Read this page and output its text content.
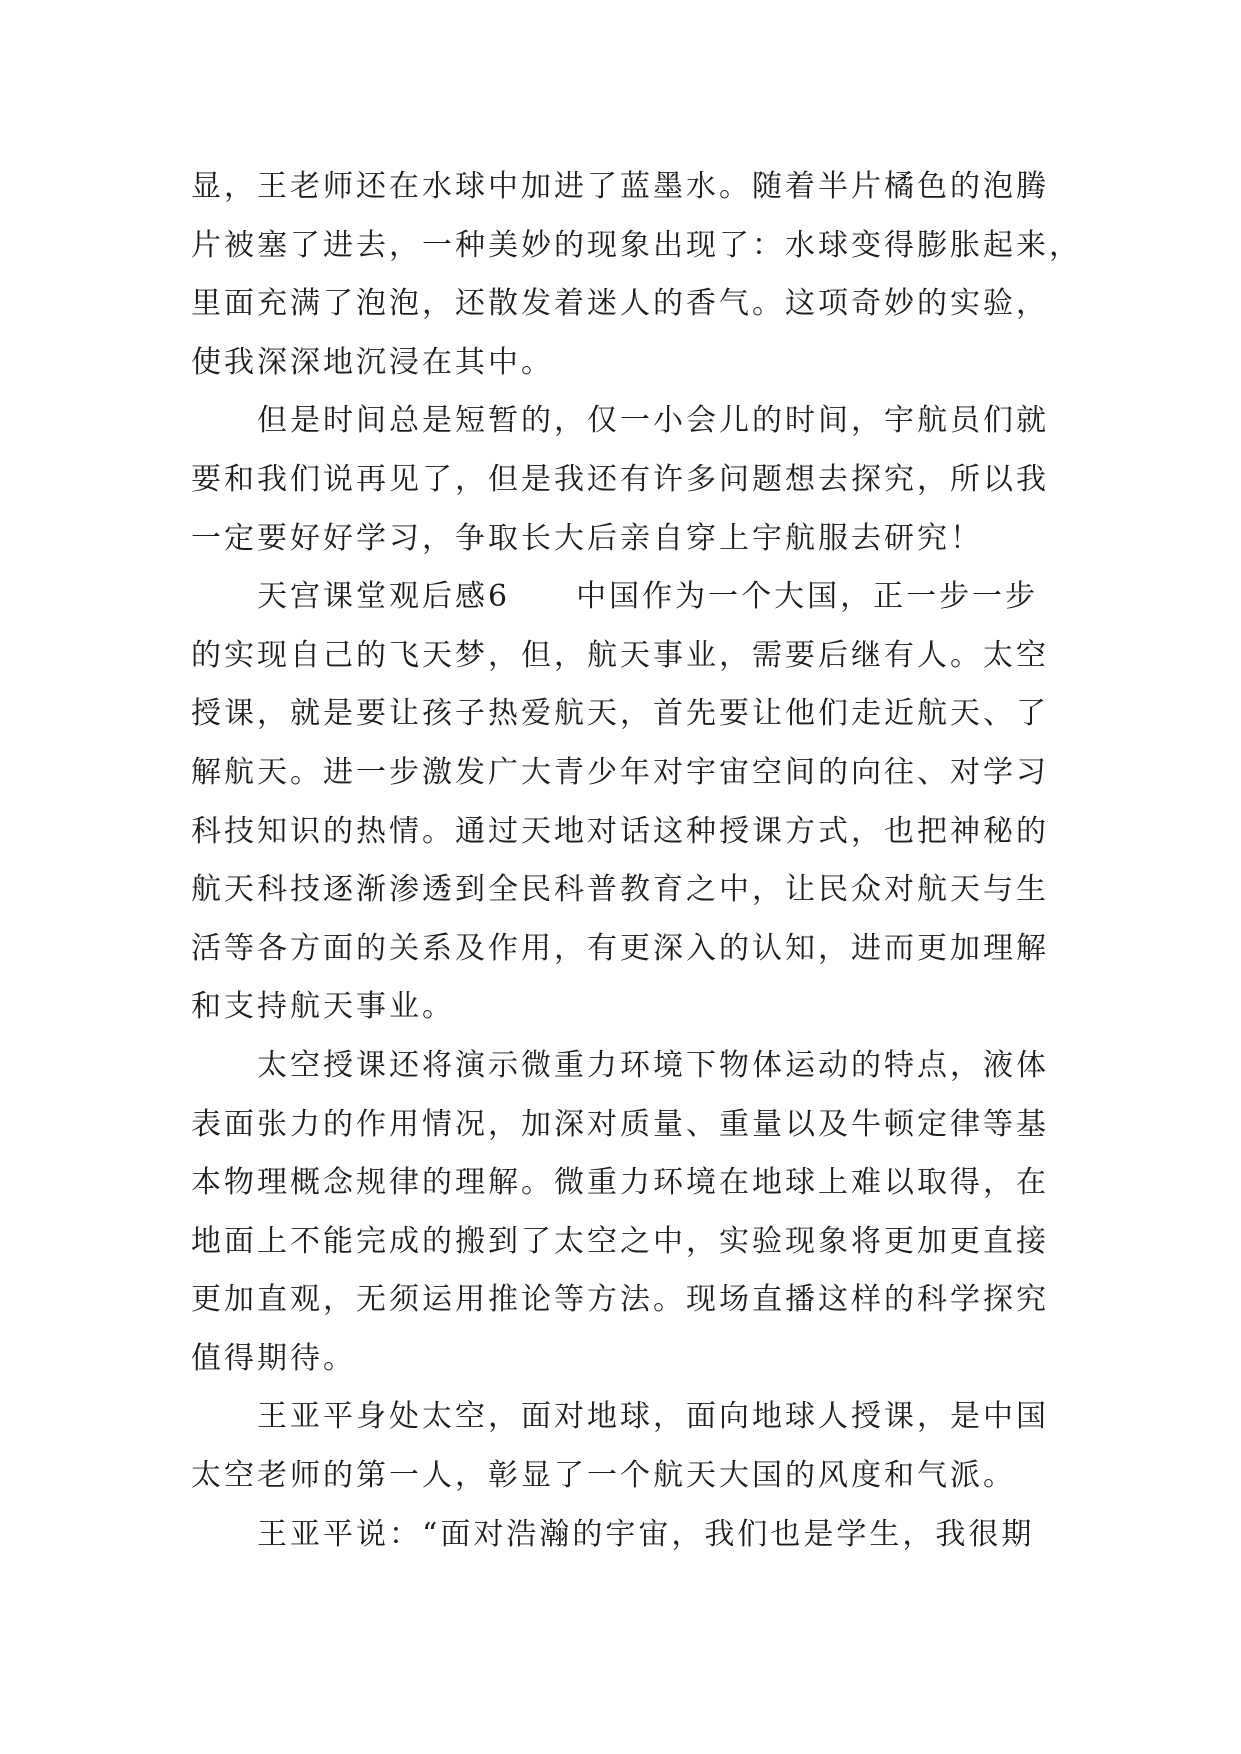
显，王老师还在水球中加进了蓝墨水。随着半片橘色的泡腾
片被塞了进去，一种美妙的现象出现了：水球变得膨胀起来，
里面充满了泡泡，还散发着迷人的香气。这项奇妙的实验，
使我深深地沉浸在其中。
但是时间总是短暂的，仅一小会儿的时间，宇航员们就
要和我们说再见了，但是我还有许多问题想去探究，所以我
一定要好好学习，争取长大后亲自穿上宇航服去研究！
天宫课堂观后感6　　中国作为一个大国，正一步一步
的实现自己的飞天梦，但，航天事业，需要后继有人。太空
授课，就是要让孩子热爱航天，首先要让他们走近航天、了
解航天。进一步激发广大青少年对宇宙空间的向往、对学习
科技知识的热情。通过天地对话这种授课方式，也把神秘的
航天科技逐渐渗透到全民科普教育之中，让民众对航天与生
活等各方面的关系及作用，有更深入的认知，进而更加理解
和支持航天事业。
太空授课还将演示微重力环境下物体运动的特点，液体
表面张力的作用情况，加深对质量、重量以及牛顿定律等基
本物理概念规律的理解。微重力环境在地球上难以取得，在
地面上不能完成的搬到了太空之中，实验现象将更加更直接
更加直观，无须运用推论等方法。现场直播这样的科学探究
值得期待。
王亚平身处太空，面对地球，面向地球人授课，是中国
太空老师的第一人，彰显了一个航天大国的风度和气派。
王亚平说：“面对浩瀚的宇宙，我们也是学生，我很期
